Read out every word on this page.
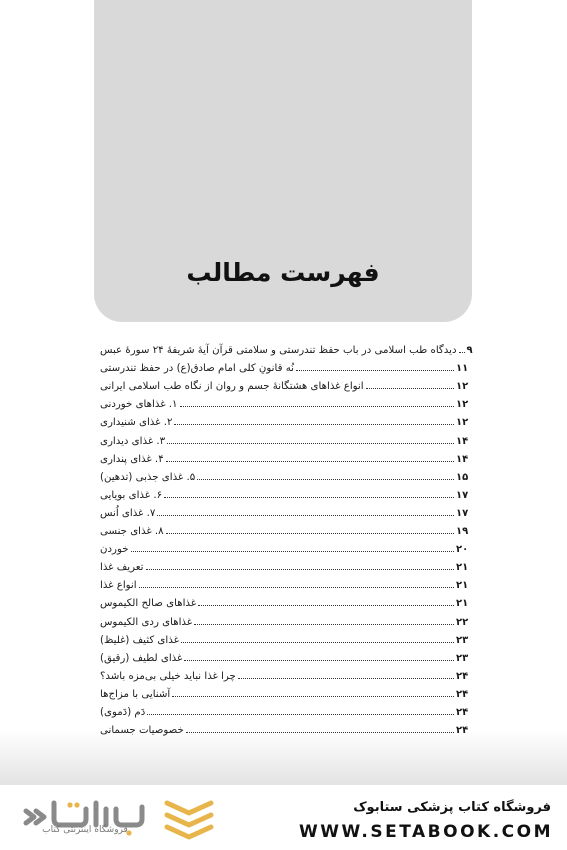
فهرست مطالب
دیدگاه طب اسلامی در باب حفظ تندرستی و سلامتی قرآن آیهٔ شریفهٔ ۲۴ سورهٔ عبس ۹
نُه قانونِ کلی امام صادق(ع) در حفظ تندرستی	۱۱
انواع غذاهای هشتگانهٔ جسم و روان از نگاه طب اسلامی ایرانی	۱۲
۱. غذاهای خوردنی	۱۲
۲. غذای شنیداری	۱۲
۳. غذای دیداری	۱۴
۴. غذای پنداری	۱۴
۵. غذای جذبی (تدهین)	۱۵
۶. غذای بویایی	۱۷
۷. غذای اُنس	۱۷
۸. غذای جنسی	۱۹
خوردن	۲۰
تعریف غذا	۲۱
انواع غذا	۲۱
غذاهای صالح الکیموس	۲۱
غذاهای ردی الکیموس	۲۲
غذای کثیف (غلیظ)	۲۳
غذای لطیف (رقیق)	۲۳
چرا غذا نباید خیلی بی‌مزه باشد؟	۲۴
آشنایی با مزاج‌ها	۲۴
دَم (دَموی)	۲۴
خصوصیات جسمانی	۲۴
فروشگاه اینترنتی کتاب
فروشگاه کتاب پزشکی ستابوک
WWW.SETABOOK.COM
